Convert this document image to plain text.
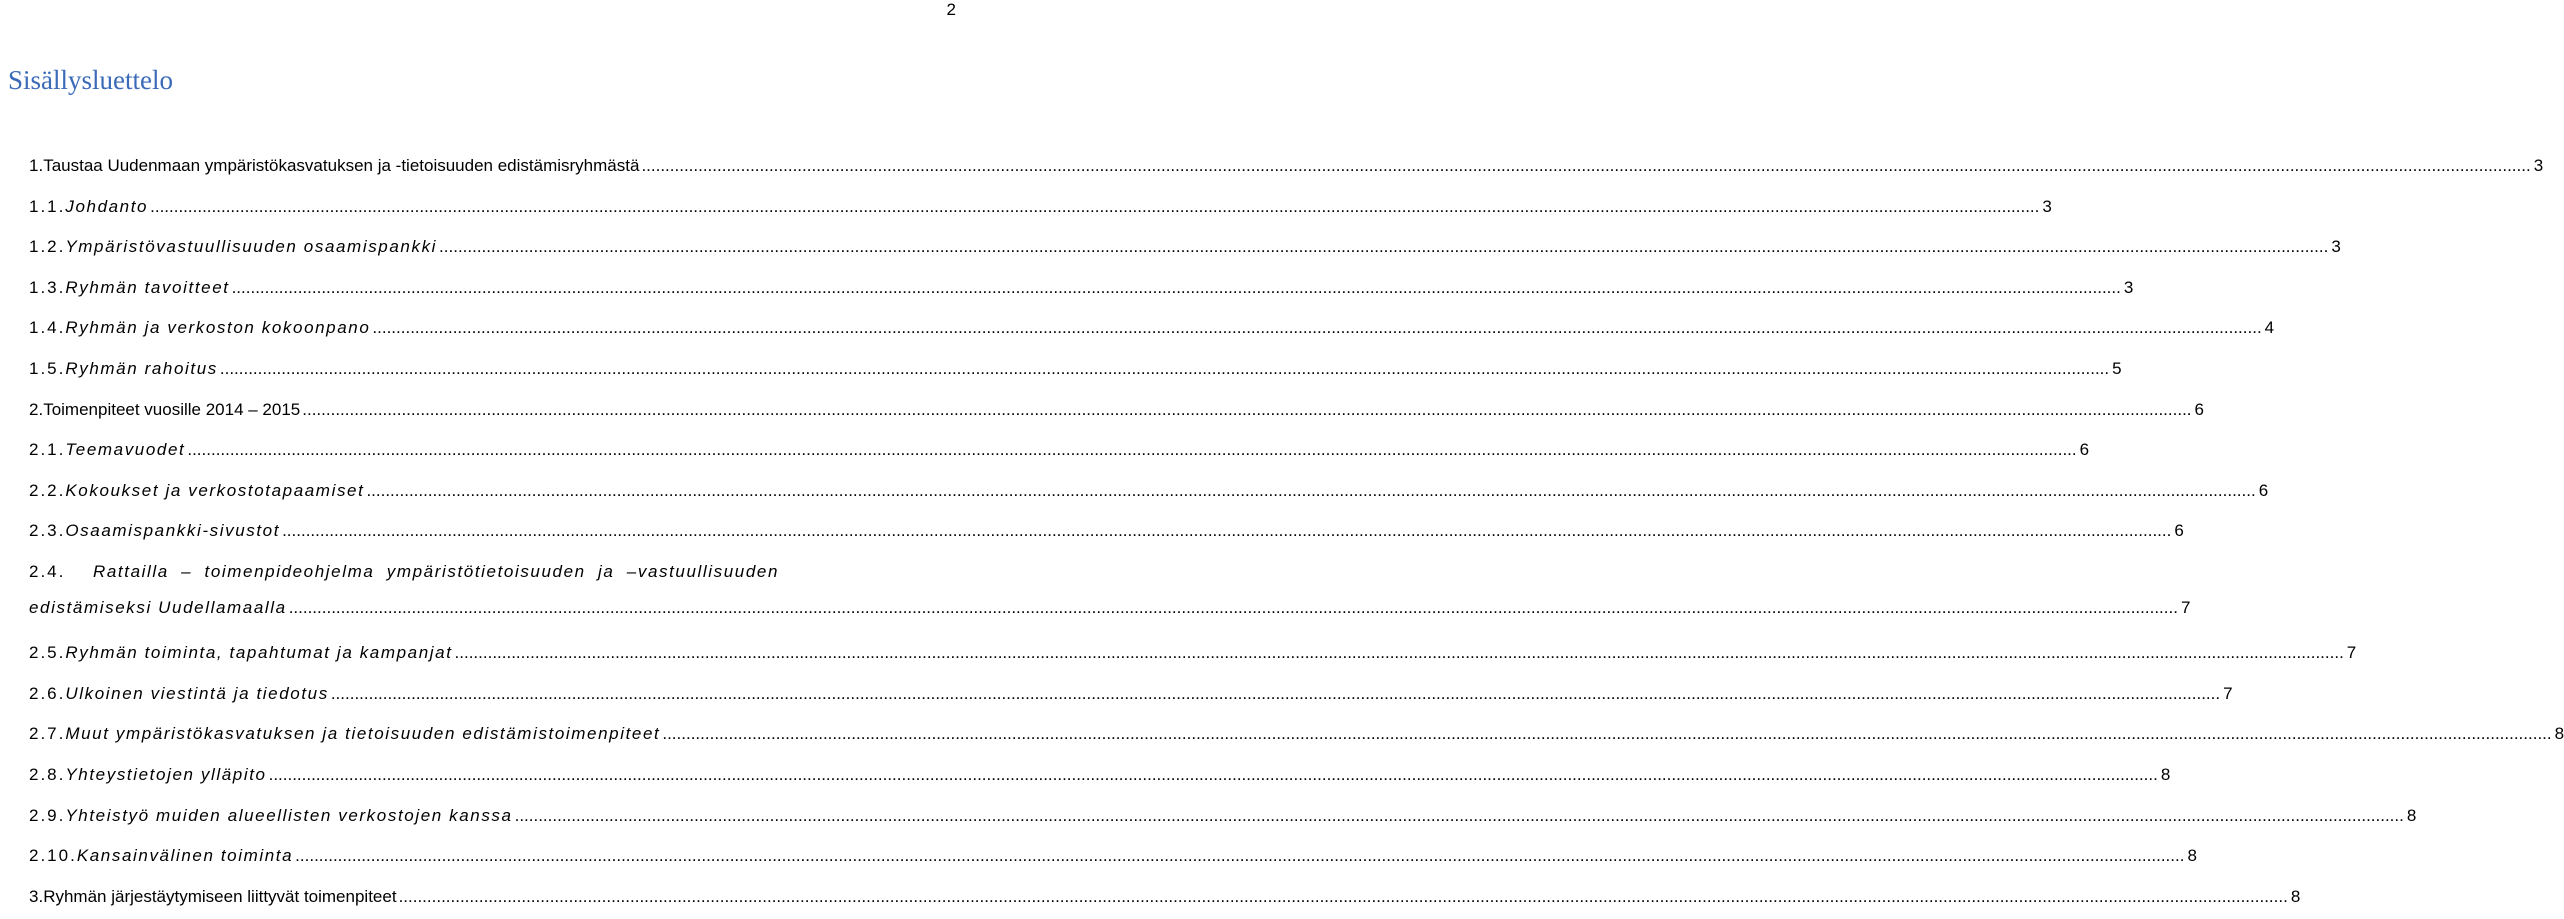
2
Sisällysluettelo
1. Taustaa Uudenmaan ympäristökasvatuksen ja -tietoisuuden edistämisryhmästä ................................................................................................................................................................................................................................................................................................................................................................................................................ 3
1.1. Johdanto ................................................................................................................................................................................................................................................................................................................................................................................................................ 3
1.2. Ympäristövastuullisuuden osaamispankki ................................................................................................................................................................................................................................................................................................................................................................................................................ 3
1.3. Ryhmän tavoitteet ................................................................................................................................................................................................................................................................................................................................................................................................................ 3
1.4. Ryhmän ja verkoston kokoonpano ................................................................................................................................................................................................................................................................................................................................................................................................................ 4
1.5. Ryhmän rahoitus ................................................................................................................................................................................................................................................................................................................................................................................................................ 5
2. Toimenpiteet vuosille 2014 – 2015 ................................................................................................................................................................................................................................................................................................................................................................................................................ 6
2.1. Teemavuodet ................................................................................................................................................................................................................................................................................................................................................................................................................ 6
2.2. Kokoukset ja verkostotapaamiset ................................................................................................................................................................................................................................................................................................................................................................................................................ 6
2.3. Osaamispankki-sivustot ................................................................................................................................................................................................................................................................................................................................................................................................................ 6
2.4. Rattailla – toimenpideohjelma ympäristötietoisuuden ja –vastuullisuuden
edistämiseksi Uudellamaalla ................................................................................................................................................................................................................................................................................................................................................................................................................ 7
2.5. Ryhmän toiminta, tapahtumat ja kampanjat ................................................................................................................................................................................................................................................................................................................................................................................................................ 7
2.6. Ulkoinen viestintä ja tiedotus ................................................................................................................................................................................................................................................................................................................................................................................................................ 7
2.7. Muut ympäristökasvatuksen ja tietoisuuden edistämistoimenpiteet ................................................................................................................................................................................................................................................................................................................................................................................................................ 8
2.8. Yhteystietojen ylläpito ................................................................................................................................................................................................................................................................................................................................................................................................................ 8
2.9. Yhteistyö muiden alueellisten verkostojen kanssa ................................................................................................................................................................................................................................................................................................................................................................................................................ 8
2.10. Kansainvälinen toiminta ................................................................................................................................................................................................................................................................................................................................................................................................................ 8
3. Ryhmän järjestäytymiseen liittyvät toimenpiteet ................................................................................................................................................................................................................................................................................................................................................................................................................ 8
